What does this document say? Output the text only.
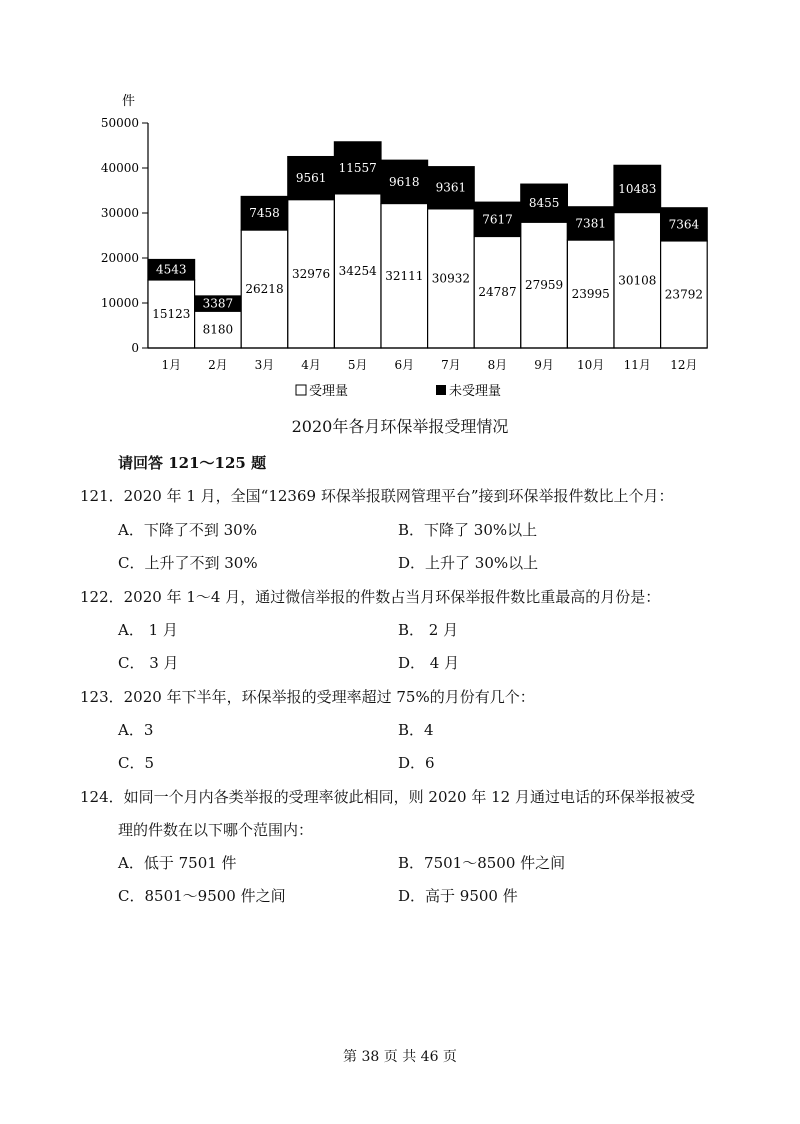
件
0
10000
20000
30000
40000
50000
15123
4543
8180
3387
26218
7458
32976
9561
34254
11557
32111
9618
30932
9361
24787
7617
27959
8455
23995
7381
30108
10483
23792
7364
1月 2月 3月 4月 5月 6月 7月 8月 9月 10月 11月 12月
受理量	未受理量
2020年各月环保举报受理情况
请回答 121～125 题
121．2020 年 1 月，全国“12369 环保举报联网管理平台”接到环保举报件数比上个月：
A．下降了不到 30%	B．下降了 30%以上
C．上升了不到 30%	D．上升了 30%以上
122．2020 年 1～4 月，通过微信举报的件数占当月环保举报件数比重最高的月份是：
A． 1 月	B． 2 月
C． 3 月	D． 4 月
123．2020 年下半年，环保举报的受理率超过 75%的月份有几个：
A．3	B．4
C．5	D．6
124．如同一个月内各类举报的受理率彼此相同，则 2020 年 12 月通过电话的环保举报被受
理的件数在以下哪个范围内：
A．低于 7501 件	B．7501～8500 件之间
C．8501～9500 件之间	D．高于 9500 件
第 38 页 共 46 页
